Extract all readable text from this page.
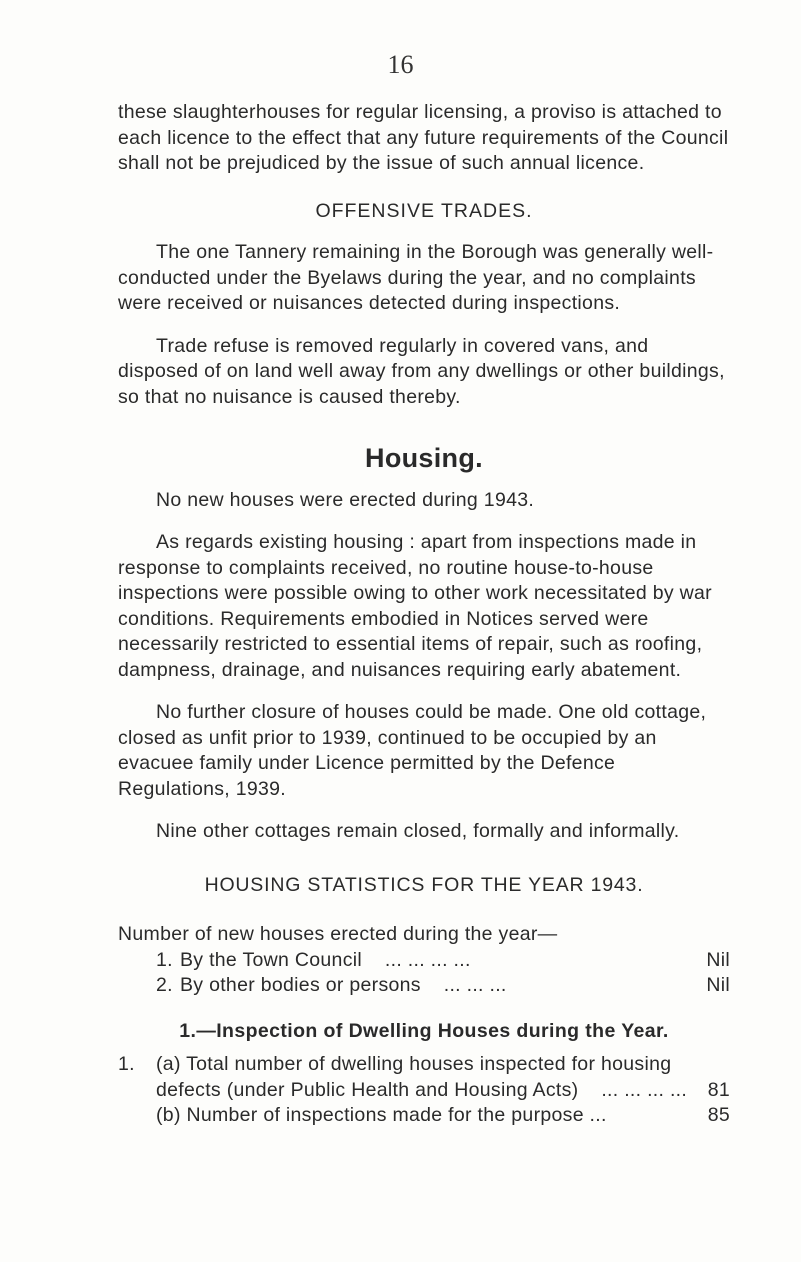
16

these slaughterhouses for regular licensing, a proviso is attached to each licence to the effect that any future requirements of the Council shall not be prejudiced by the issue of such annual licence.

OFFENSIVE TRADES.

The one Tannery remaining in the Borough was generally well-conducted under the Byelaws during the year, and no complaints were received or nuisances detected during inspections.

Trade refuse is removed regularly in covered vans, and disposed of on land well away from any dwellings or other buildings, so that no nuisance is caused thereby.

Housing.

No new houses were erected during 1943.

As regards existing housing : apart from inspections made in response to complaints received, no routine house-to-house inspections were possible owing to other work necessitated by war conditions. Requirements embodied in Notices served were necessarily restricted to essential items of repair, such as roofing, dampness, drainage, and nuisances requiring early abatement.

No further closure of houses could be made. One old cottage, closed as unfit prior to 1939, continued to be occupied by an evacuee family under Licence permitted by the Defence Regulations, 1939.

Nine other cottages remain closed, formally and informally.

HOUSING STATISTICS FOR THE YEAR 1943.

Number of new houses erected during the year—

1. By the Town Council ... ... ... ...	Nil
2. By other bodies or persons ... ... ...	Nil
1.—Inspection of Dwelling Houses during the Year.
1.	(a) Total number of dwelling houses inspected for housing defects (under Public Health and Housing Acts) ... ... ... ...	81
(b) Number of inspections made for the purpose ...	85
